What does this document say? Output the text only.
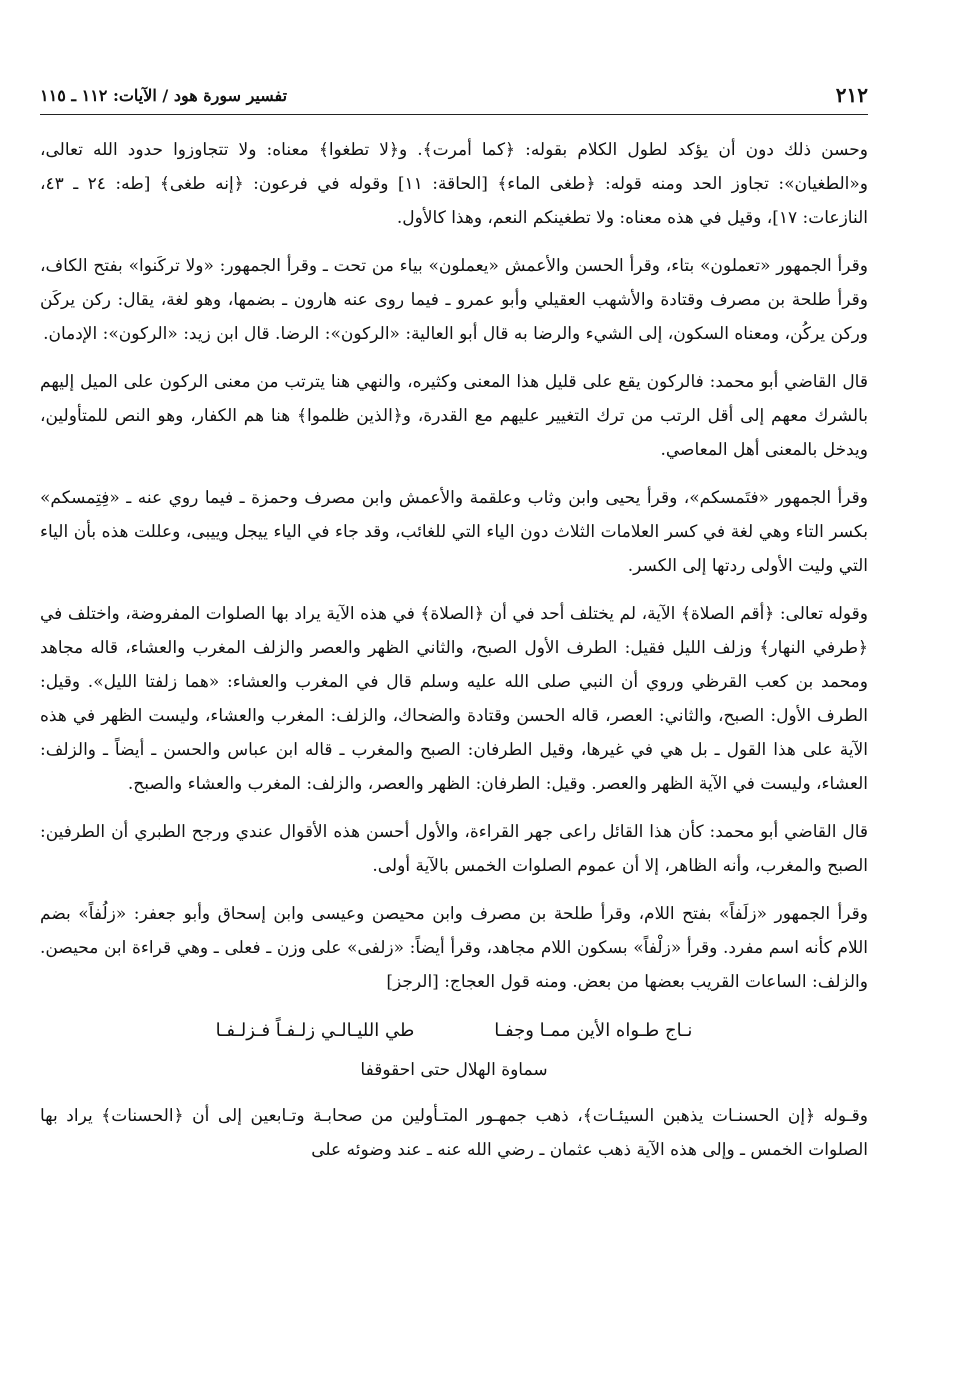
٢١٢
تفسير سورة هود / الآيات: ١١٢ ـ ١١٥

وحسن ذلك دون أن يؤكد لطول الكلام بقوله: ﴿كما أمرت﴾. و﴿لا تطغوا﴾ معناه: ولا تتجاوزوا حدود الله تعالى، و«الطغيان»: تجاوز الحد ومنه قوله: ﴿طغى الماء﴾ [الحاقة: ١١] وقوله في فرعون: ﴿إنه طغى﴾ [طه: ٢٤ ـ ٤٣، النازعات: ١٧]، وقيل في هذه معناه: ولا تطغينكم النعم، وهذا كالأول.

وقرأ الجمهور «تعملون» بتاء، وقرأ الحسن والأعمش «يعملون» بياء من تحت ـ وقرأ الجمهور: «ولا تركَنوا» بفتح الكاف، وقرأ طلحة بن مصرف وقتادة والأشهب العقيلي وأبو عمرو ـ فيما روى عنه هارون ـ بضمها، وهو لغة، يقال: ركن يركَن وركن يركُن، ومعناه السكون، إلى الشيء والرضا به قال أبو العالية: «الركون»: الرضا. قال ابن زيد: «الركون»: الإدمان.

قال القاضي أبو محمد: فالركون يقع على قليل هذا المعنى وكثيره، والنهي هنا يترتب من معنى الركون على الميل إليهم بالشرك معهم إلى أقل الرتب من ترك التغيير عليهم مع القدرة، و﴿الذين ظلموا﴾ هنا هم الكفار، وهو النص للمتأولين، ويدخل بالمعنى أهل المعاصي.

وقرأ الجمهور «فتَمسكم»، وقرأ يحيى وابن وثاب وعلقمة والأعمش وابن مصرف وحمزة ـ فيما روي عنه ـ «فِتِمسكم» بكسر التاء وهي لغة في كسر العلامات الثلاث دون الياء التي للغائب، وقد جاء في الياء ييجل وييبى، وعللت هذه بأن الياء التي وليت الأولى ردتها إلى الكسر.

وقوله تعالى: ﴿أقم الصلاة﴾ الآية، لم يختلف أحد في أن ﴿الصلاة﴾ في هذه الآية يراد بها الصلوات المفروضة، واختلف في ﴿طرفي النهار﴾ وزلف الليل فقيل: الطرف الأول الصبح، والثاني الظهر والعصر والزلف المغرب والعشاء، قاله مجاهد ومحمد بن كعب القرظي وروي أن النبي صلى الله عليه وسلم قال في المغرب والعشاء: «هما زلفتا الليل». وقيل: الطرف الأول: الصبح، والثاني: العصر، قاله الحسن وقتادة والضحاك، والزلف: المغرب والعشاء، وليست الظهر في هذه الآية على هذا القول ـ بل هي في غيرها، وقيل الطرفان: الصبح والمغرب ـ قاله ابن عباس والحسن ـ أيضاً ـ والزلف: العشاء، وليست في الآية الظهر والعصر. وقيل: الطرفان: الظهر والعصر، والزلف: المغرب والعشاء والصبح.

قال القاضي أبو محمد: كأن هذا القائل راعى جهر القراءة، والأول أحسن هذه الأقوال عندي ورجح الطبري أن الطرفين: الصبح والمغرب، وأنه الظاهر، إلا أن عموم الصلوات الخمس بالآية أولى.

وقرأ الجمهور «زلَفاً» بفتح اللام، وقرأ طلحة بن مصرف وابن محيصن وعيسى وابن إسحاق وأبو جعفر: «زلُفاً» بضم اللام كأنه اسم مفرد. وقرأ «زلْفاً» بسكون اللام مجاهد، وقرأ أيضاً: «زلفى» على وزن ـ فعلى ـ وهي قراءة ابن محيصن. والزلف: الساعات القريب بعضها من بعض. ومنه قول العجاج: [الرجز]

نـاج طـواه الأين ممـا وجفـا
طي الليـالـي زلـفـاً فـزلـفـا
سماوة الهلال حتى احقوقفا

وقـوله ﴿إن الحسنـات يذهبن السيئـات﴾، ذهب جمهـور المتـأولين من صحابـة وتـابعين إلى أن ﴿الحسنات﴾ يراد بها الصلوات الخمس ـ وإلى هذه الآية ذهب عثمان ـ رضي الله عنه ـ عند وضوئه على
